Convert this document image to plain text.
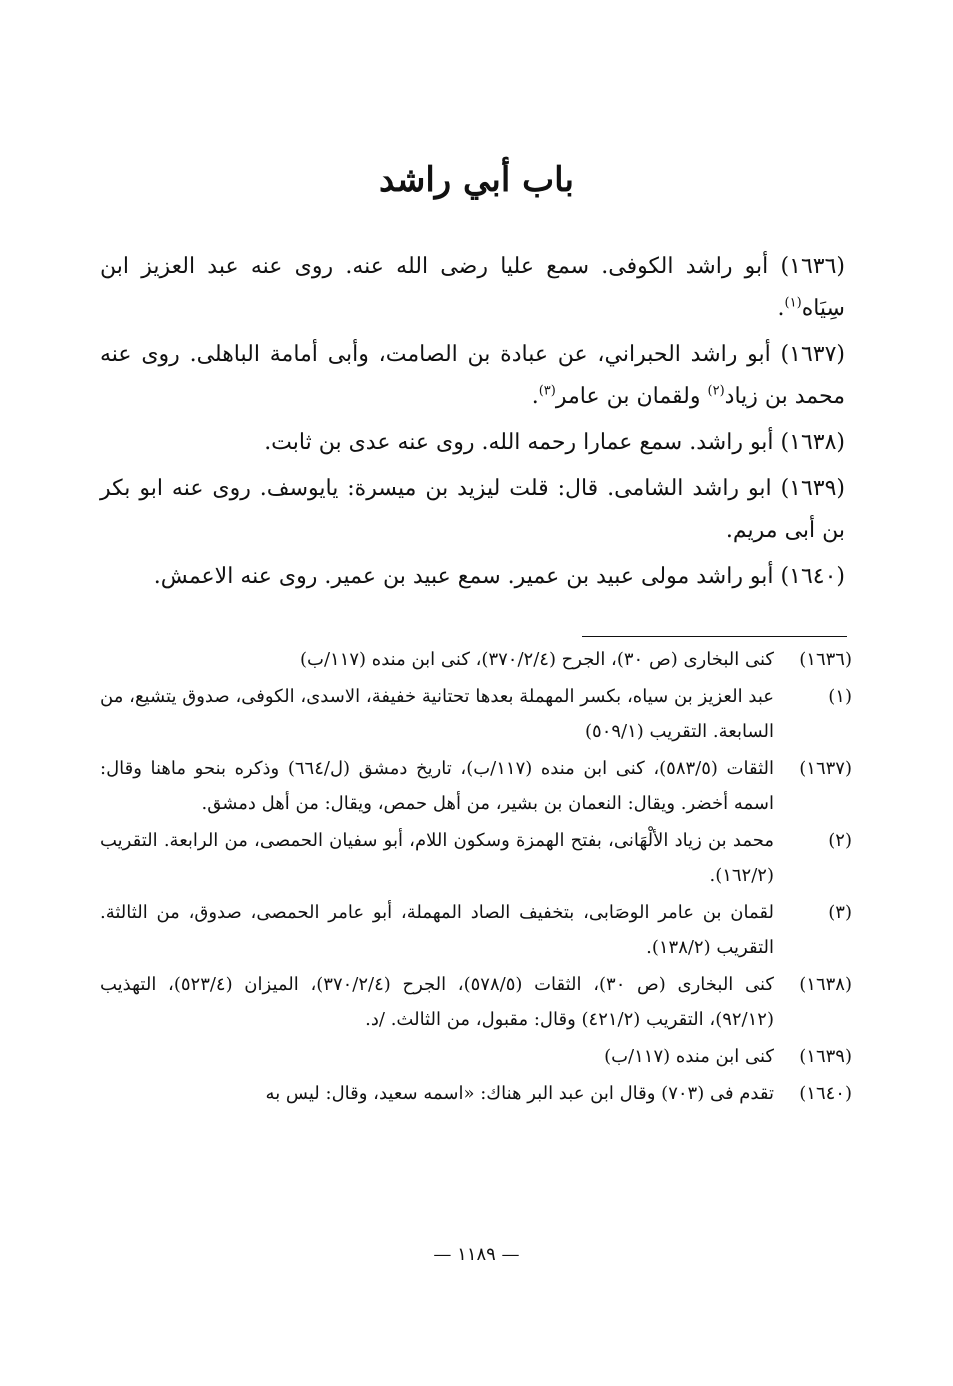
باب أبي راشد

(١٦٣٦) أبو راشد الكوفى. سمع عليا رضى الله عنه. روى عنه عبد العزيز ابن سِيَاه$^{(١)}$.

(١٦٣٧) أبو راشد الحبراني، عن عبادة بن الصامت، وأبى أمامة الباهلى. روى عنه محمد بن زياد$^{(٢)}$ ولقمان بن عامر$^{(٣)}$.

(١٦٣٨) أبو راشد. سمع عمارا رحمه الله. روى عنه عدى بن ثابت.

(١٦٣٩) ابو راشد الشامى. قال: قلت ليزيد بن ميسرة: يايوسف. روى عنه ابو بكر بن أبى مريم.

(١٦٤٠) أبو راشد مولى عبيد بن عمير. سمع عبيد بن عمير. روى عنه الاعمش.

(١٦٣٦)
كنى البخارى (ص ٣٠)، الجرح (٣٧٠/٢/٤)، كنى ابن منده (١١٧/ب)
(١)
عبد العزيز بن سياه، بكسر المهملة بعدها تحتانية خفيفة، الاسدى، الكوفى، صدوق يتشيع، من السابعة. التقريب (٥٠٩/١)
(١٦٣٧)
الثقات (٥٨٣/٥)، كنى ابن منده (١١٧/ب)، تاريخ دمشق (ل/٦٦٤) وذكره بنحو ماهنا وقال: اسمه أخضر. ويقال: النعمان بن بشير، من أهل حمص، ويقال: من أهل دمشق.
(٢)
محمد بن زياد الألْهَانى، بفتح الهمزة وسكون اللام، أبو سفيان الحمصى، من الرابعة. التقريب (١٦٢/٢).
(٣)
لقمان بن عامر الوصَابى، بتخفيف الصاد المهملة، أبو عامر الحمصى، صدوق، من الثالثة. التقريب (١٣٨/٢).
(١٦٣٨)
كنى البخارى (ص ٣٠)، الثقات (٥٧٨/٥)، الجرح (٣٧٠/٢/٤)، الميزان (٥٢٣/٤)، التهذيب (٩٢/١٢)، التقريب (٤٢١/٢) وقال: مقبول، من الثالث. /د.
(١٦٣٩)
كنى ابن منده (١١٧/ب)
(١٦٤٠)
تقدم فى (٧٠٣) وقال ابن عبد البر هناك: «اسمه سعيد، وقال: ليس به
— ١١٨٩ —
